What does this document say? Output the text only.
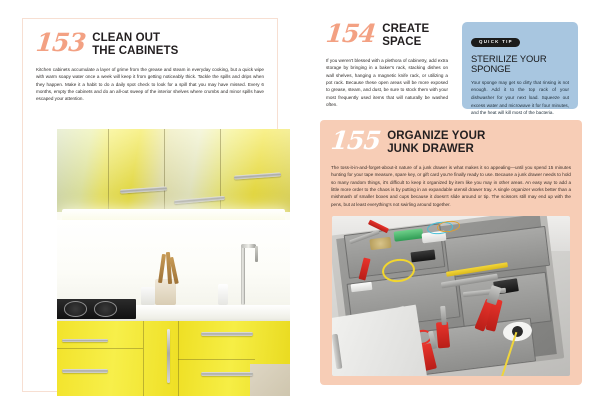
153 CLEAN OUT
THE CABINETS

Kitchen cabinets accumulate a layer of grime from the grease and steam in everyday cooking, but a quick wipe with warm soapy water once a week will keep it from getting noticeably thick. Tackle the spills and drips when they happen. Make it a habit to do a daily spot check to look for a spill that you may have missed. Every 6 months, empty the cabinets and do an all-out sweep of the interior shelves where crumbs and minor spills have escaped your attention.

154 CREATE
SPACE

If you weren't blessed with a plethora of cabinetry, add extra storage by bringing in a baker's rack, stacking dishes on wall shelves, hanging a magnetic knife rack, or utilizing a pot rack. Because these open areas will be more exposed to grease, steam, and dust, be sure to stock them with your most frequently used items that will naturally be washed often.

QUICK TIP
STERILIZE YOUR SPONGE
Your sponge may get so dirty that rinsing is not enough. Add it to the top rack of your dishwasher for your next load. Squeeze out excess water and microwave it for four minutes, and the heat will kill most of the bacteria.
155 ORGANIZE YOUR
JUNK DRAWER

The toss-it-in-and-forget-about-it nature of a junk drawer is what makes it so appealing—until you spend 15 minutes hunting for your tape measure, spare key, or gift card you're finally ready to use. Because a junk drawer needs to hold so many random things, it's difficult to keep it organized by item like you may in other areas. An easy way to add a little more order to the chaos is by putting in an expandable utensil drawer tray. A single organizer works better than a mishmash of smaller boxes and cups because it doesn't slide around or tip. The scissors still may end up with the pens, but at least everything's not swirling around together.
